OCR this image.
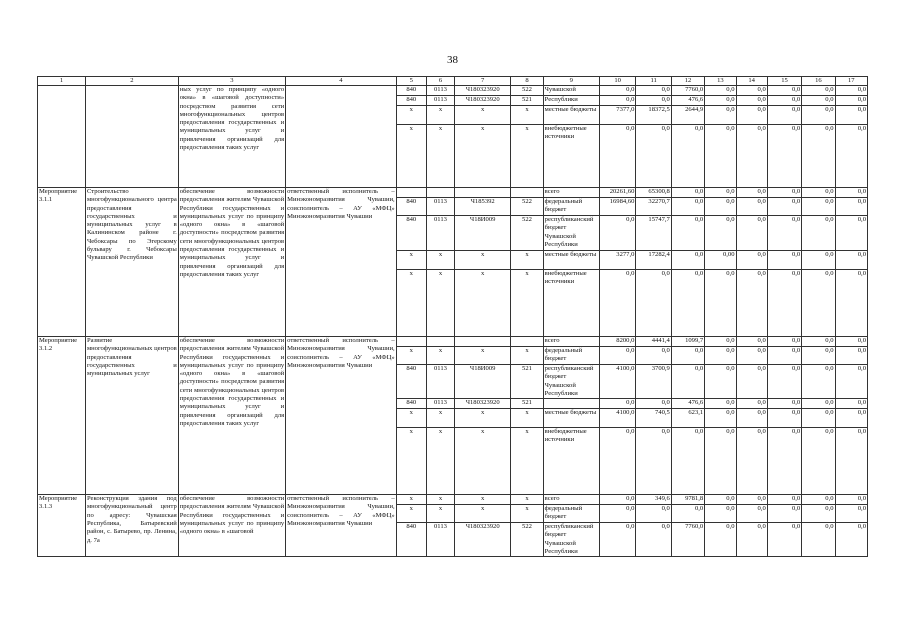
38
1	2	3	4	5	6	7	8	9	10	11	12	13	14	15	16	17
		ных услуг по принципу «одного окна» в «шаговой доступности» посредством развития сети многофункциональных центров предоставления государственных и муниципальных услуг и привлечения организаций для предоставления таких услуг		840	0113	Ч180323920	522	Чувашской	0,0	0,0	7760,0	0,0	0,0	0,0	0,0	0,0
				840	0113	Ч180323920	521	Республики	0,0	0,0	476,6	0,0	0,0	0,0	0,0	0,0
				x	x	x	x	местные бюджеты	7377,0	18372,5	2644,9	0,0	0,0	0,0	0,0	0,0
				x	x	x	x	внебюджетные источники	0,0	0,0	0,0	0,0	0,0	0,0	0,0	0,0
Мероприятие 3.1.1	Строительство многофункционального центра предоставления государственных и муниципальных услуг в Калининском районе г. Чебоксары по Эгерскому бульвару г. Чебоксары Чувашской Республики	обеспечение возможности предоставления жителям Чувашской Республики государственных и муниципальных услуг по принципу «одного окна» в «шаговой доступности» посредством развития сети многофункциональных центров предоставления государственных и муниципальных услуг и привлечения организаций для предоставления таких услуг	ответственный исполнитель – Минэкономразвития Чувашии, соисполнитель – АУ «МФЦ» Минэкономразвития Чувашии					всего	20261,60	65300,8	0,0	0,0	0,0	0,0	0,0	0,0
				840	0113	Ч185392	522	федеральный бюджет	16984,60	32270,7	0,0	0,0	0,0	0,0	0,0	0,0
				840	0113	Ч18И009	522	республиканский бюджет Чувашской Республики	0,0	15747,7	0,0	0,0	0,0	0,0	0,0	0,0
				x	x	x	x	местные бюджеты	3277,0	17282,4	0,0	0,00	0,0	0,0	0,0	0,0
				x	x	x	x	внебюджетные источники	0,0	0,0	0,0	0,0	0,0	0,0	0,0	0,0
Мероприятие 3.1.2	Развитие многофункциональных центров предоставления государственных и муниципальных услуг	обеспечение возможности предоставления жителям Чувашской Республики государственных и муниципальных услуг по принципу «одного окна» в «шаговой доступности» посредством развития сети многофункциональных центров предоставления государственных и муниципальных услуг и привлечения организаций для предоставления таких услуг	ответственный исполнитель – Минэкономразвития Чувашии, соисполнитель – АУ «МФЦ» Минэкономразвития Чувашии					всего	8200,0	4441,4	1099,7	0,0	0,0	0,0	0,0	0,0
				x	x	x	x	федеральный бюджет	0,0	0,0	0,0	0,0	0,0	0,0	0,0	0,0
				840	0113	Ч18И009	521	республиканский бюджет Чувашской Республики	4100,0	3700,9	0,0	0,0	0,0	0,0	0,0	0,0
				840	0113	Ч180323920	521		0,0	0,0	476,6	0,0	0,0	0,0	0,0	0,0
				x	x	x	x	местные бюджеты	4100,0	740,5	623,1	0,0	0,0	0,0	0,0	0,0
				x	x	x	x	внебюджетные источники	0,0	0,0	0,0	0,0	0,0	0,0	0,0	0,0
Мероприятие 3.1.3	Реконструкция здания под многофункциональный центр по адресу: Чувашская Республика, Батыревский район, с. Батырево, пр. Ленина, д. 7а	обеспечение возможности предоставления жителям Чувашской Республики государственных и муниципальных услуг по принципу «одного окна» в «шаговой	ответственный исполнитель – Минэкономразвития Чувашии, соисполнитель – АУ «МФЦ» Минэкономразвития Чувашии	x	x	x	x	всего	0,0	349,6	9781,8	0,0	0,0	0,0	0,0	0,0
				x	x	x	x	федеральный бюджет	0,0	0,0	0,0	0,0	0,0	0,0	0,0	0,0
				840	0113	Ч180323920	522	республиканский бюджет Чувашской Республики	0,0	0,0	7760,0	0,0	0,0	0,0	0,0	0,0
